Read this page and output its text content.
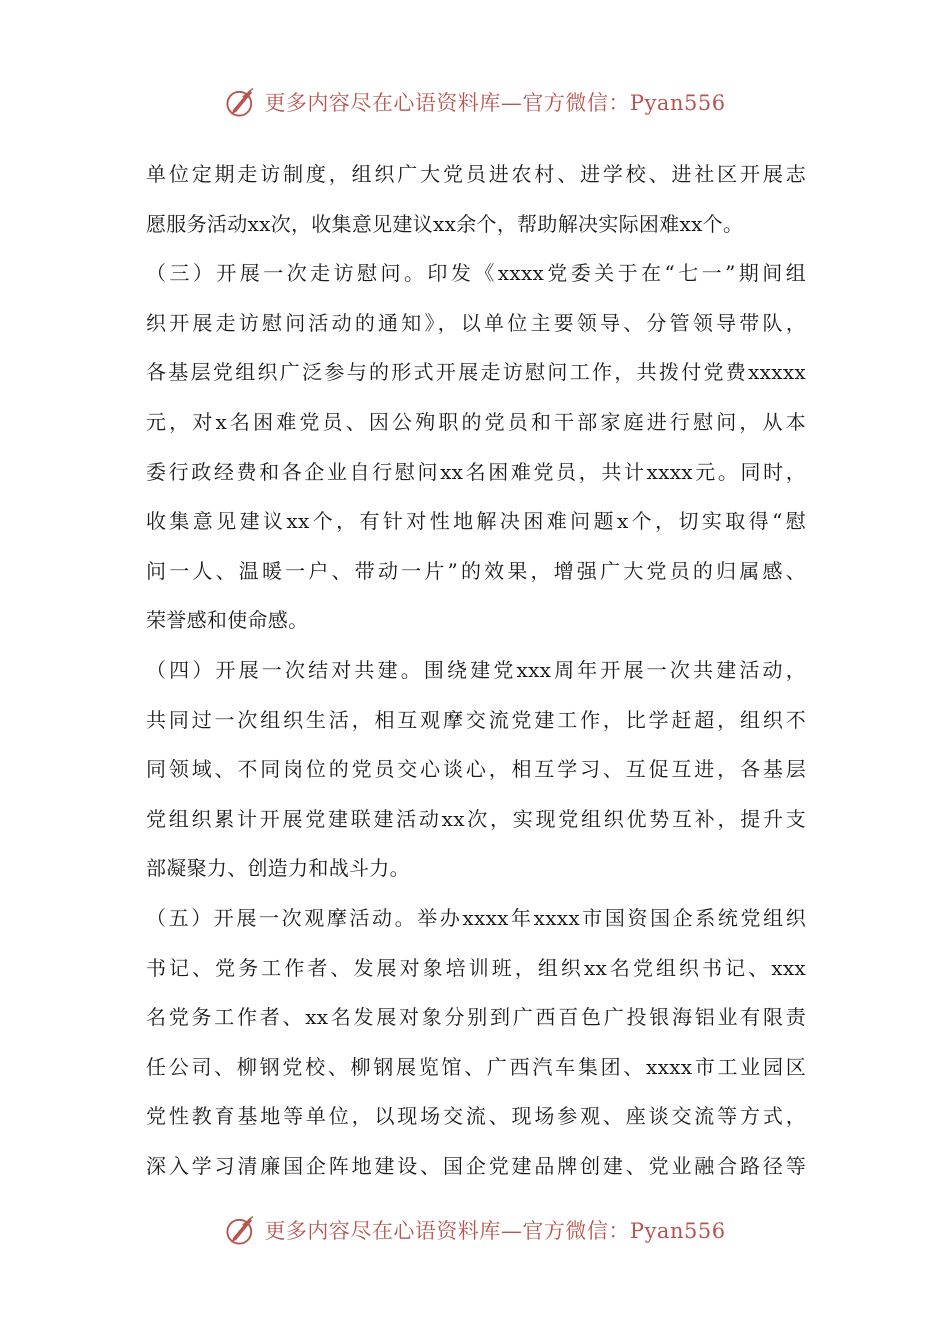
更多内容尽在心语资料库—官方微信：Pyan556
单位定期走访制度，组织广大党员进农村、进学校、进社区开展志
愿服务活动xx次，收集意见建议xx余个，帮助解决实际困难xx个。
（三）开展一次走访慰问。印发《xxxx党委关于在“七一”期间组
织开展走访慰问活动的通知》，以单位主要领导、分管领导带队，
各基层党组织广泛参与的形式开展走访慰问工作，共拨付党费xxxxx
元，对x名困难党员、因公殉职的党员和干部家庭进行慰问，从本
委行政经费和各企业自行慰问xx名困难党员，共计xxxx元。同时，
收集意见建议xx个，有针对性地解决困难问题x个，切实取得“慰
问一人、温暖一户、带动一片”的效果，增强广大党员的归属感、
荣誉感和使命感。
（四）开展一次结对共建。围绕建党xxx周年开展一次共建活动，
共同过一次组织生活，相互观摩交流党建工作，比学赶超，组织不
同领域、不同岗位的党员交心谈心，相互学习、互促互进，各基层
党组织累计开展党建联建活动xx次，实现党组织优势互补，提升支
部凝聚力、创造力和战斗力。
（五）开展一次观摩活动。举办xxxx年xxxx市国资国企系统党组织
书记、党务工作者、发展对象培训班，组织xx名党组织书记、xxx
名党务工作者、xx名发展对象分别到广西百色广投银海铝业有限责
任公司、柳钢党校、柳钢展览馆、广西汽车集团、xxxx市工业园区
党性教育基地等单位，以现场交流、现场参观、座谈交流等方式，
深入学习清廉国企阵地建设、国企党建品牌创建、党业融合路径等
更多内容尽在心语资料库—官方微信：Pyan556
